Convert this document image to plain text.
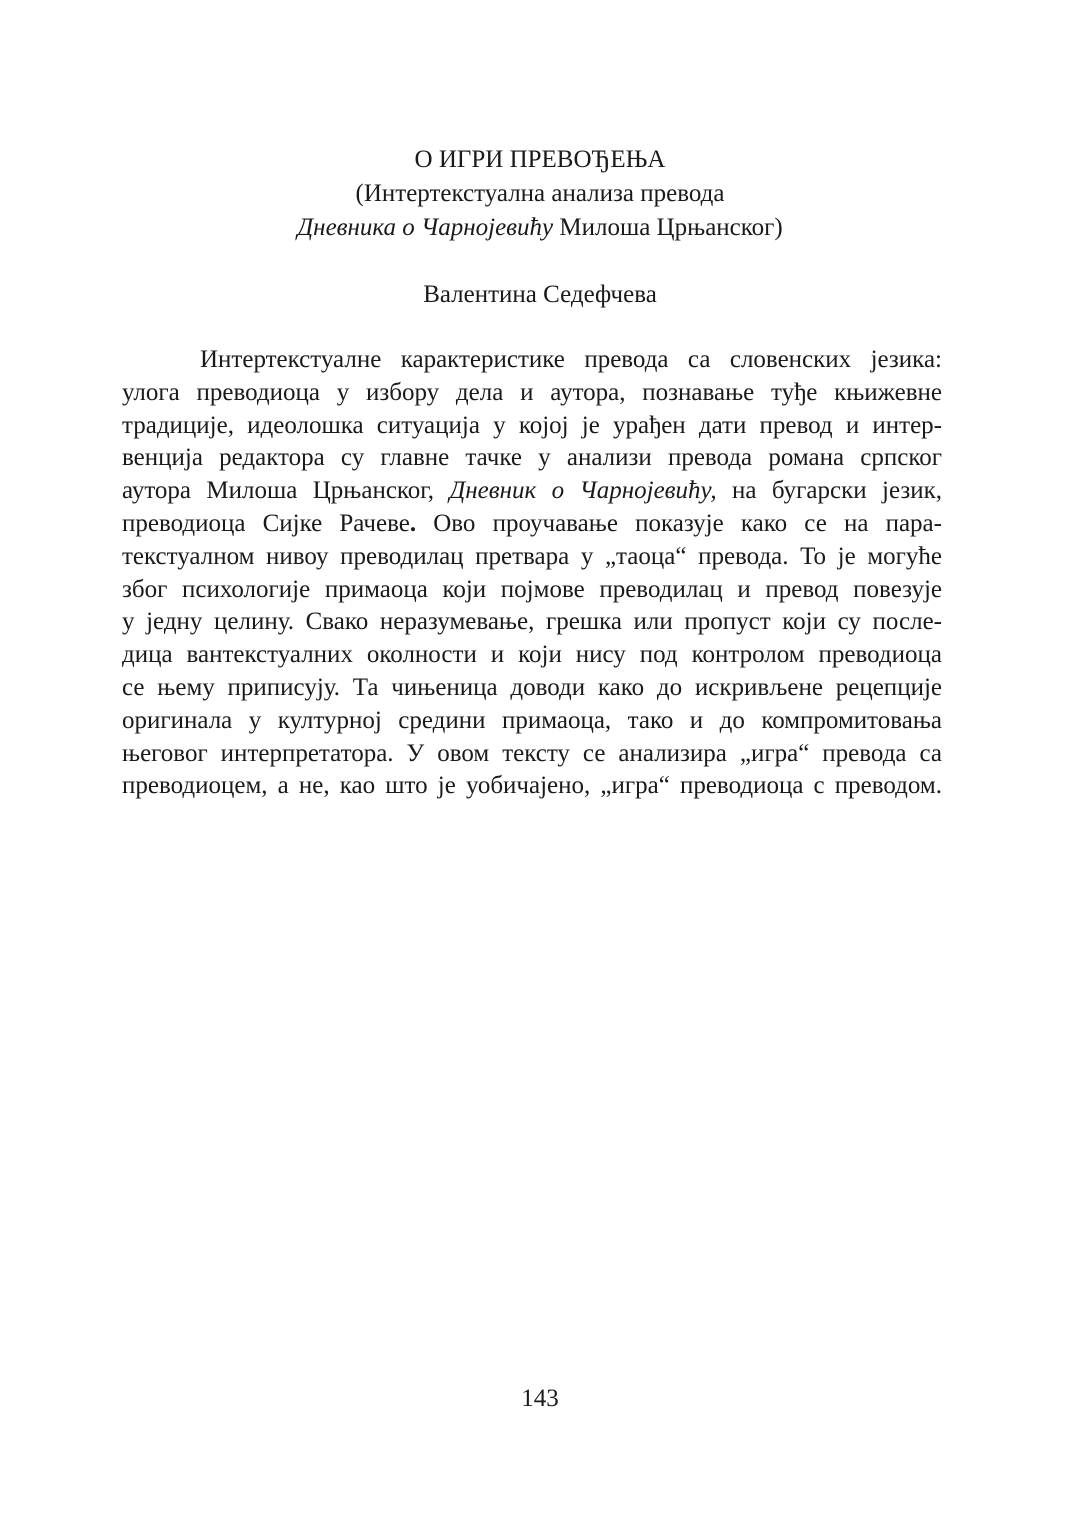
О ИГРИ ПРЕВОЂЕЊА
(Интертекстуална анализа превода
Дневника о Чарнојевићу Милоша Црњанског)
Валентина Седефчева
Интертекстуалне карактеристике превода са словенских језика:
улога преводиоца у избору дела и аутора, познавање туђе књижевне
традиције, идеолошка ситуација у којој је урађен дати превод и интер-
венција редактора су главне тачке у анализи превода романа српског
аутора Милоша Црњанског, Дневник о Чарнојевићу, на бугарски језик,
преводиоца Сијке Рачеве. Ово проучавање показује како се на пара-
текстуалном нивоу преводилац претвара у „таоца“ превода. То је могуће
због психологије примаоца који појмове преводилац и превод повезује
у једну целину. Свако неразумевање, грешка или пропуст који су после-
дица вантекстуалних околности и који нису под контролом преводиоца
се њему приписују. Та чињеница доводи како до искривљене рецепције
оригинала у културној средини примаоца, тако и до компромитовања
његовог интерпретатора. У овом тексту се анализира „игра“ превода са
преводиоцем, а не, као што је уобичајено, „игра“ преводиоца с преводом.
143
